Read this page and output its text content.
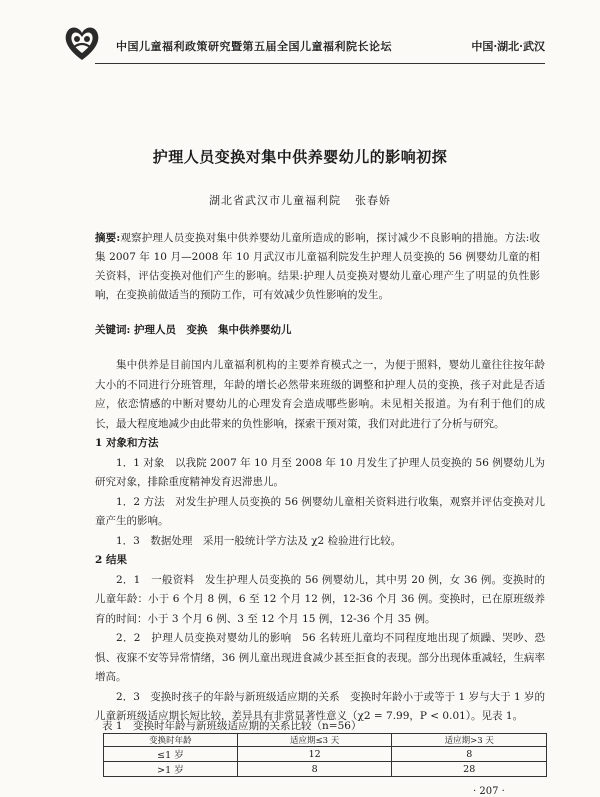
中国儿童福利政策研究暨第五届全国儿童福利院长论坛	中国·湖北·武汉
护理人员变换对集中供养婴幼儿的影响初探
湖北省武汉市儿童福利院 张春娇
摘要:观察护理人员变换对集中供养婴幼儿童所造成的影响，探讨减少不良影响的措施。方法:收集 2007 年 10 月—2008 年 10 月武汉市儿童福利院发生护理人员变换的 56 例婴幼儿童的相关资料，评估变换对他们产生的影响。结果:护理人员变换对婴幼儿童心理产生了明显的负性影响，在变换前做适当的预防工作，可有效减少负性影响的发生。
关键词: 护理人员　变换　集中供养婴幼儿

集中供养是目前国内儿童福利机构的主要养育模式之一，为便于照料，婴幼儿童往往按年龄大小的不同进行分班管理，年龄的增长必然带来班级的调整和护理人员的变换，孩子对此是否适应，依恋情感的中断对婴幼儿的心理发育会造成哪些影响。未见相关报道。为有利于他们的成长，最大程度地减少由此带来的负性影响，探索干预对策，我们对此进行了分析与研究。

1 对象和方法

1．1 对象　以我院 2007 年 10 月至 2008 年 10 月发生了护理人员变换的 56 例婴幼儿为研究对象，排除重度精神发育迟滞患儿。

1．2 方法　对发生护理人员变换的 56 例婴幼儿童相关资料进行收集，观察并评估变换对儿童产生的影响。

1．3　数据处理　采用一般统计学方法及 χ2 检验进行比较。

2 结果

2．1　一般资料　发生护理人员变换的 56 例婴幼儿，其中男 20 例，女 36 例。变换时的儿童年龄：小于 6 个月 8 例，6 至 12 个月 12 例，12-36 个月 36 例。变换时，已在原班级养育的时间：小于 3 个月 6 例、3 至 12 个月 15 例，12-36 个月 35 例。

2．2　护理人员变换对婴幼儿的影响　56 名转班儿童均不同程度地出现了烦躁、哭吵、恐惧、夜寐不安等异常情绪，36 例儿童出现进食减少甚至拒食的表现。部分出现体重减轻，生病率增高。

2．3　变换时孩子的年龄与新班级适应期的关系　变换时年龄小于或等于 1 岁与大于 1 岁的儿童新班级适应期长短比较，差异具有非常显著性意义（χ2 = 7.99，P < 0.01）。见表 1。

表 1　变换时年龄与新班级适应期的关系比较（n=56）
变换时年龄	适应期≤3 天	适应期>3 天
≤1 岁	12	8
>1 岁	8	28
· 207 ·
